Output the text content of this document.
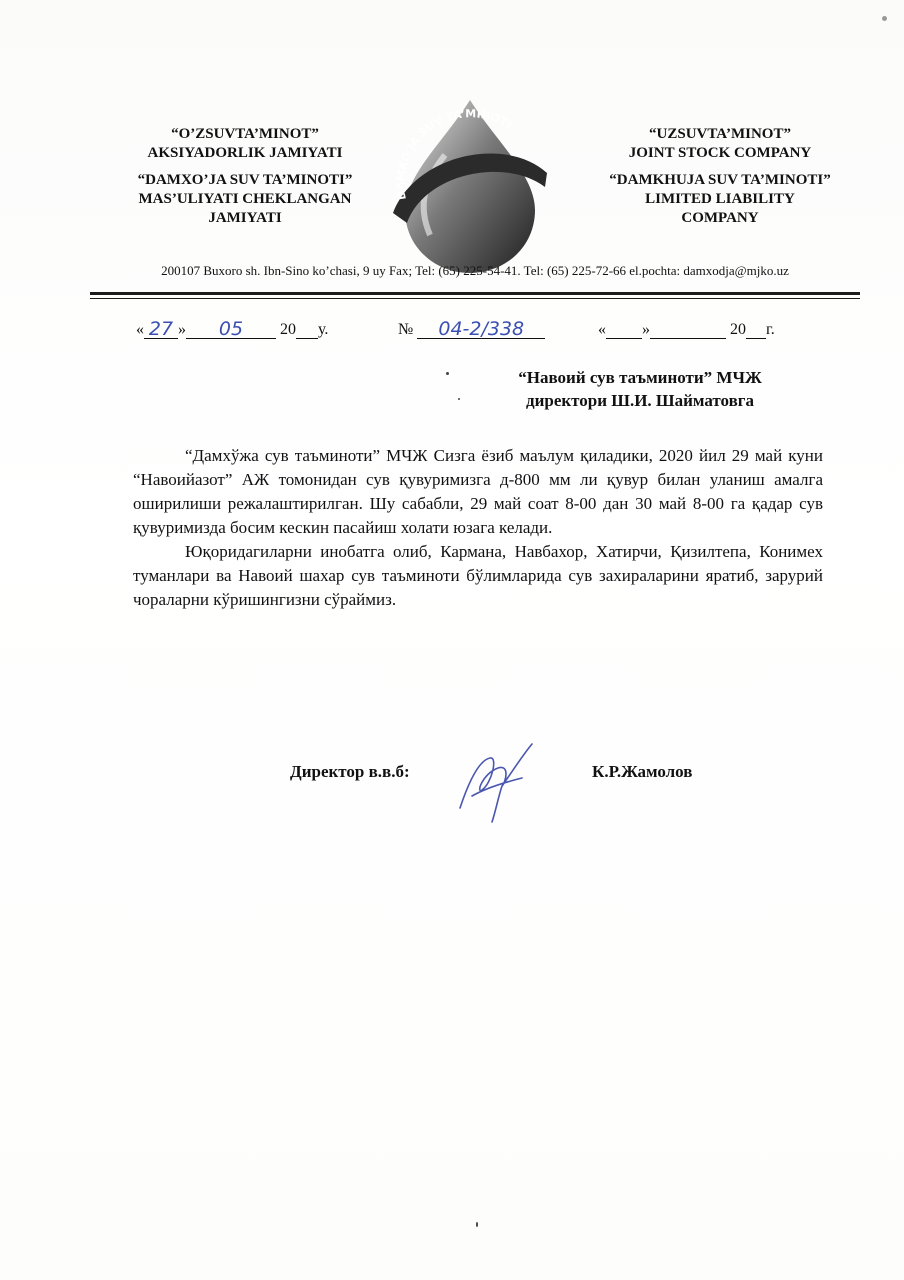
“O’ZSUVTA’MINOT”
AKSIYADORLIK JAMIYATI
“DAMXO’JA SUV TA’MINOTI”
MAS’ULIYATI CHEKLANGAN
JAMIYATI
DAMXO’JA SUV TA’MINOTI
“UZSUVTA’MINOT”
JOINT STOCK COMPANY
“DAMKHUJA SUV TA’MINOTI”
LIMITED LIABILITY
COMPANY
200107 Buxoro sh. Ibn-Sino ko’chasi, 9 uy Fax; Tel: (65) 225-54-41. Tel: (65) 225-72-66 el.pochta: damxodja@mjko.uz
« 27 » 05 20 у.	№ 04-2/338	« »	20 г.
“Навоий сув таъминоти” МЧЖ
директори Ш.И. Шайматовга

“Дамхўжа сув таъминоти” МЧЖ Сизга ёзиб маълум қиладики, 2020 йил 29 май куни “Навоийазот” АЖ томонидан сув қувуримизга д-800 мм ли қувур билан уланиш амалга оширилиши режалаштирилган. Шу сабабли, 29 май соат 8-00 дан 30 май 8-00 га қадар сув қувуримизда босим кескин пасайиш холати юзага келади.

Юқоридагиларни инобатга олиб, Кармана, Навбахор, Хатирчи, Қизилтепа, Конимех туманлари ва Навоий шахар сув таъминоти бўлимларида сув захираларини яратиб, зарурий чораларни кўришингизни сўраймиз.

Директор в.в.б:	К.Р.Жамолов
